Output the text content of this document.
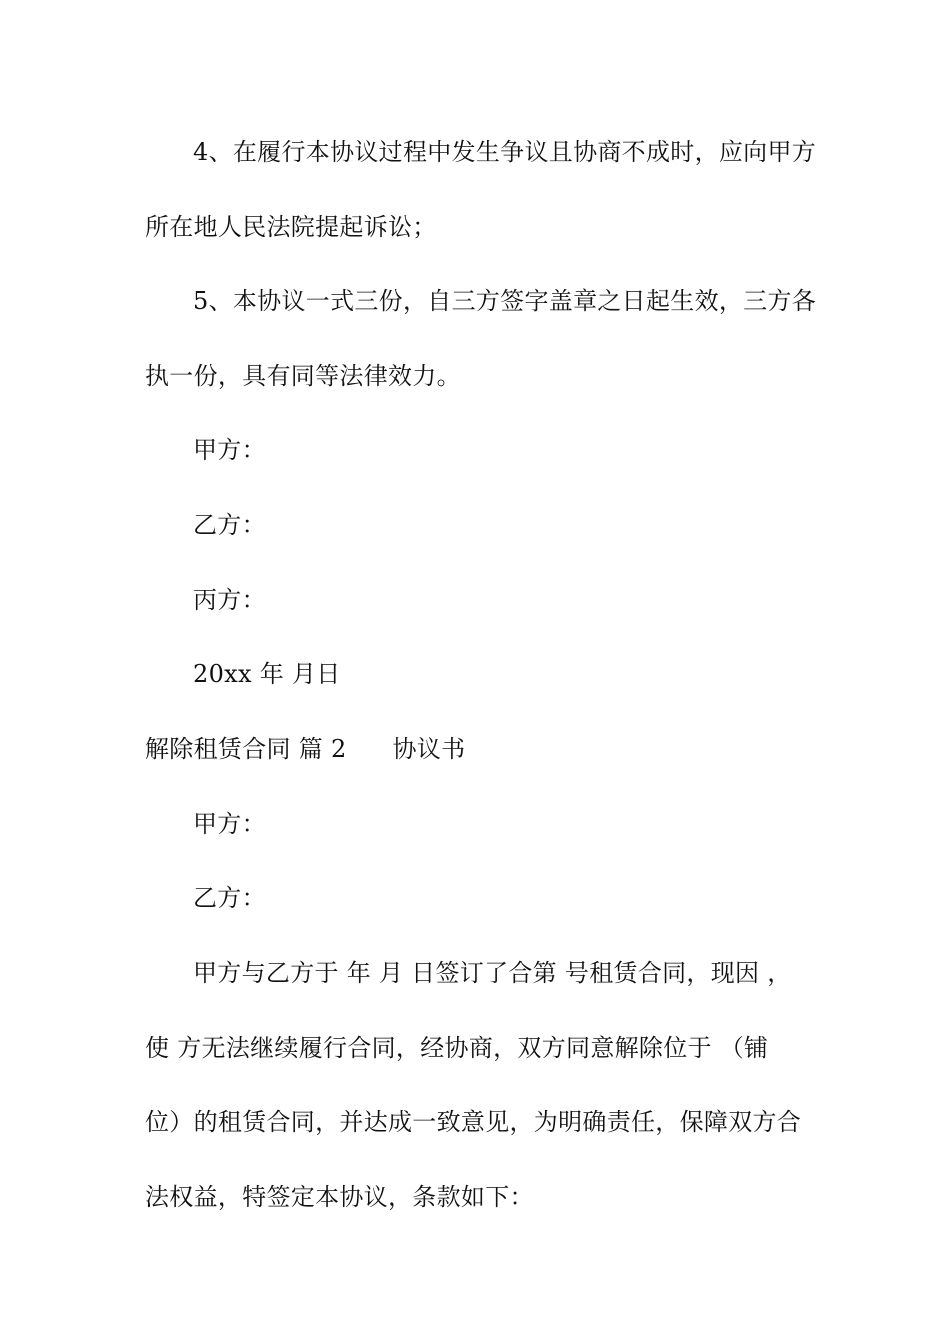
4、在履行本协议过程中发生争议且协商不成时，应向甲方
所在地人民法院提起诉讼；
5、本协议一式三份，自三方签字盖章之日起生效，三方各
执一份，具有同等法律效力。
甲方：
乙方：
丙方：
20xx 年 月日
解除租赁合同 篇 2 协议书
甲方：
乙方：
甲方与乙方于 年 月 日签订了合第 号租赁合同，现因 ，
使 方无法继续履行合同，经协商，双方同意解除位于 （铺
位）的租赁合同，并达成一致意见，为明确责任，保障双方合
法权益，特签定本协议，条款如下：
